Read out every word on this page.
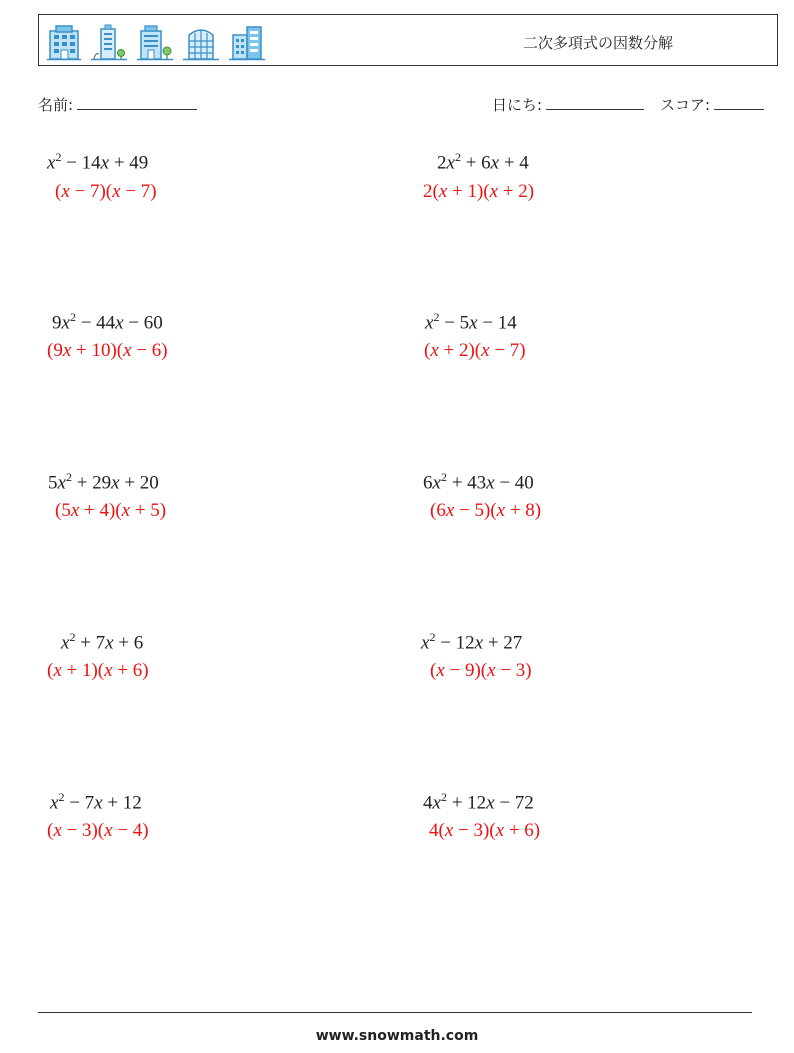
二次多項式の因数分解
名前:	日にち:	スコア:
$x^2 - 14x + 49$
(x − 7)(x − 7)
$2x^2 + 6x + 4$
2(x + 1)(x + 2)
$9x^2 - 44x - 60$
(9x + 10)(x − 6)
$x^2 - 5x - 14$
(x + 2)(x − 7)
$5x^2 + 29x + 20$
(5x + 4)(x + 5)
$6x^2 + 43x - 40$
(6x − 5)(x + 8)
$x^2 + 7x + 6$
(x + 1)(x + 6)
$x^2 - 12x + 27$
(x − 9)(x − 3)
$x^2 - 7x + 12$
(x − 3)(x − 4)
$4x^2 + 12x - 72$
4(x − 3)(x + 6)
www.snowmath.com
